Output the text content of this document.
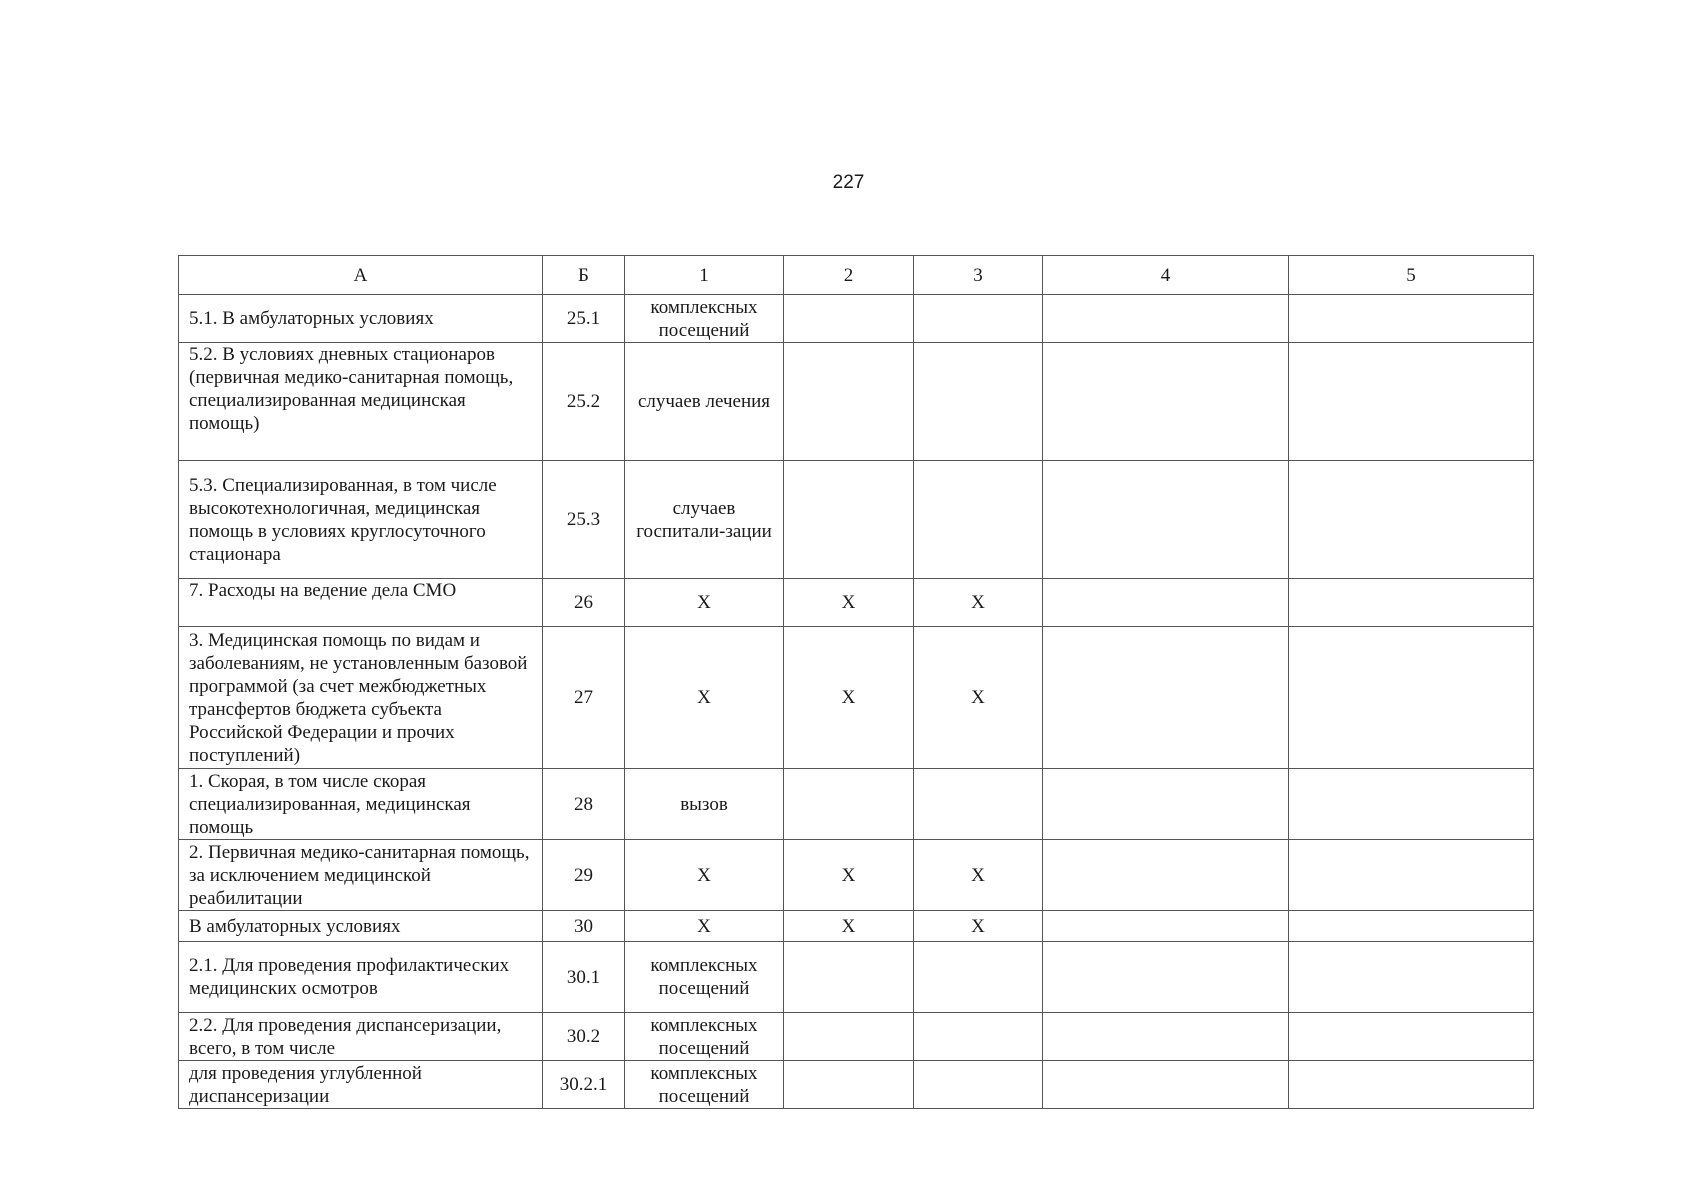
227
А	Б	1	2	3	4	5
5.1. В амбулаторных условиях	25.1	комплексных посещений				
5.2. В условиях дневных стационаров (первичная медико-санитарная помощь, специализированная медицинская помощь)	25.2	случаев лечения				
5.3. Специализированная, в том числе высокотехнологичная, медицинская помощь в условиях круглосуточного стационара	25.3	случаев госпитали-зации				
7. Расходы на ведение дела СМО	26	Х	Х	Х		
3. Медицинская помощь по видам и заболеваниям, не установленным базовой программой (за счет межбюджетных трансфертов бюджета субъекта Российской Федерации и прочих поступлений)	27	Х	Х	Х		
1. Скорая, в том числе скорая специализированная, медицинская помощь	28	вызов				
2. Первичная медико-санитарная помощь, за исключением медицинской реабилитации	29	Х	Х	Х		
В амбулаторных условиях	30	Х	Х	Х		
2.1. Для проведения профилактических медицинских осмотров	30.1	комплексных посещений				
2.2. Для проведения диспансеризации, всего, в том числе	30.2	комплексных посещений				
для проведения углубленной диспансеризации	30.2.1	комплексных посещений				
